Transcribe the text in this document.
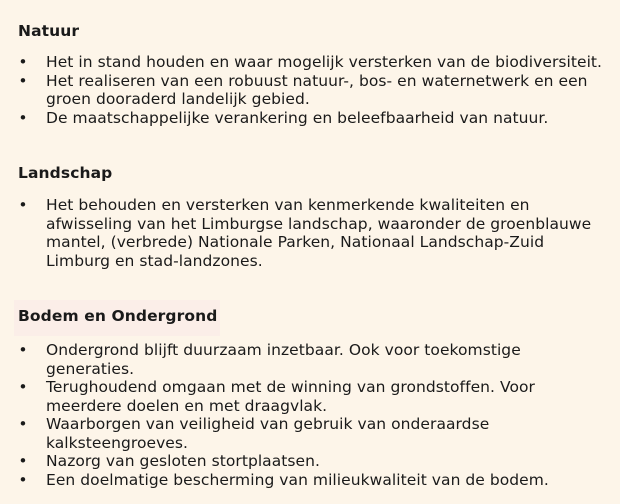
Natuur
• Het in stand houden en waar mogelijk versterken van de biodiversiteit.
• Het realiseren van een robuust natuur-, bos- en waternetwerk en een groen dooraderd landelijk gebied.
• De maatschappelijke verankering en beleefbaarheid van natuur.
Landschap
• Het behouden en versterken van kenmerkende kwaliteiten en afwisseling van het Limburgse landschap, waaronder de groenblauwe mantel, (verbrede) Nationale Parken, Nationaal Landschap-Zuid Limburg en stad-landzones.
Bodem en Ondergrond
• Ondergrond blijft duurzaam inzetbaar. Ook voor toekomstige generaties.
• Terughoudend omgaan met de winning van grondstoffen. Voor meerdere doelen en met draagvlak.
• Waarborgen van veiligheid van gebruik van onderaardse kalksteengroeves.
• Nazorg van gesloten stortplaatsen.
• Een doelmatige bescherming van milieukwaliteit van de bodem.
